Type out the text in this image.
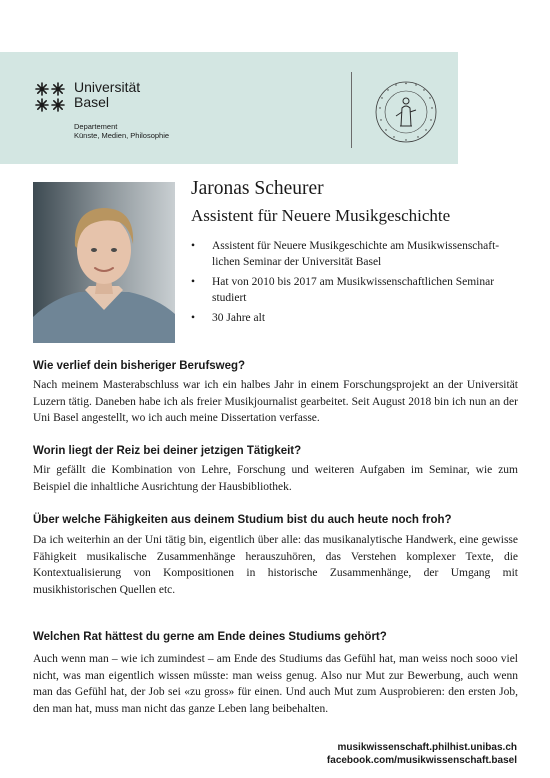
Universität
Basel
Departement
Künste, Medien, Philosophie
Jaronas Scheurer
Assistent für Neuere Musikgeschichte
• Assistent für Neuere Musikgeschichte am Musikwissenschaft-lichen Seminar der Universität Basel
• Hat von 2010 bis 2017 am Musikwissenschaftlichen Seminar studiert
• 30 Jahre alt
Wie verlief dein bisheriger Berufsweg?

Nach meinem Masterabschluss war ich ein halbes Jahr in einem Forschungsprojekt an der Universität Luzern tätig. Daneben habe ich als freier Musikjournalist gearbeitet. Seit August 2018 bin ich nun an der Uni Basel angestellt, wo ich auch meine Dissertation verfasse.

Worin liegt der Reiz bei deiner jetzigen Tätigkeit?

Mir gefällt die Kombination von Lehre, Forschung und weiteren Aufgaben im Seminar, wie zum Beispiel die inhaltliche Ausrichtung der Hausbibliothek.

Über welche Fähigkeiten aus deinem Studium bist du auch heute noch froh?

Da ich weiterhin an der Uni tätig bin, eigentlich über alle: das musikanalytische Handwerk, eine gewisse Fähigkeit musikalische Zusammenhänge herauszuhören, das Verstehen komplexer Texte, die Kontextualisierung von Kompositionen in historische Zusammenhänge, der Umgang mit musikhistorischen Quellen etc.

Welchen Rat hättest du gerne am Ende deines Studiums gehört?

Auch wenn man – wie ich zumindest – am Ende des Studiums das Gefühl hat, man weiss noch sooo viel nicht, was man eigentlich wissen müsste: man weiss genug. Also nur Mut zur Bewerbung, auch wenn man das Gefühl hat, der Job sei «zu gross» für einen. Und auch Mut zum Ausprobieren: den ersten Job, den man hat, muss man nicht das ganze Leben lang beibehalten.

musikwissenschaft.philhist.unibas.ch
facebook.com/musikwissenschaft.basel
